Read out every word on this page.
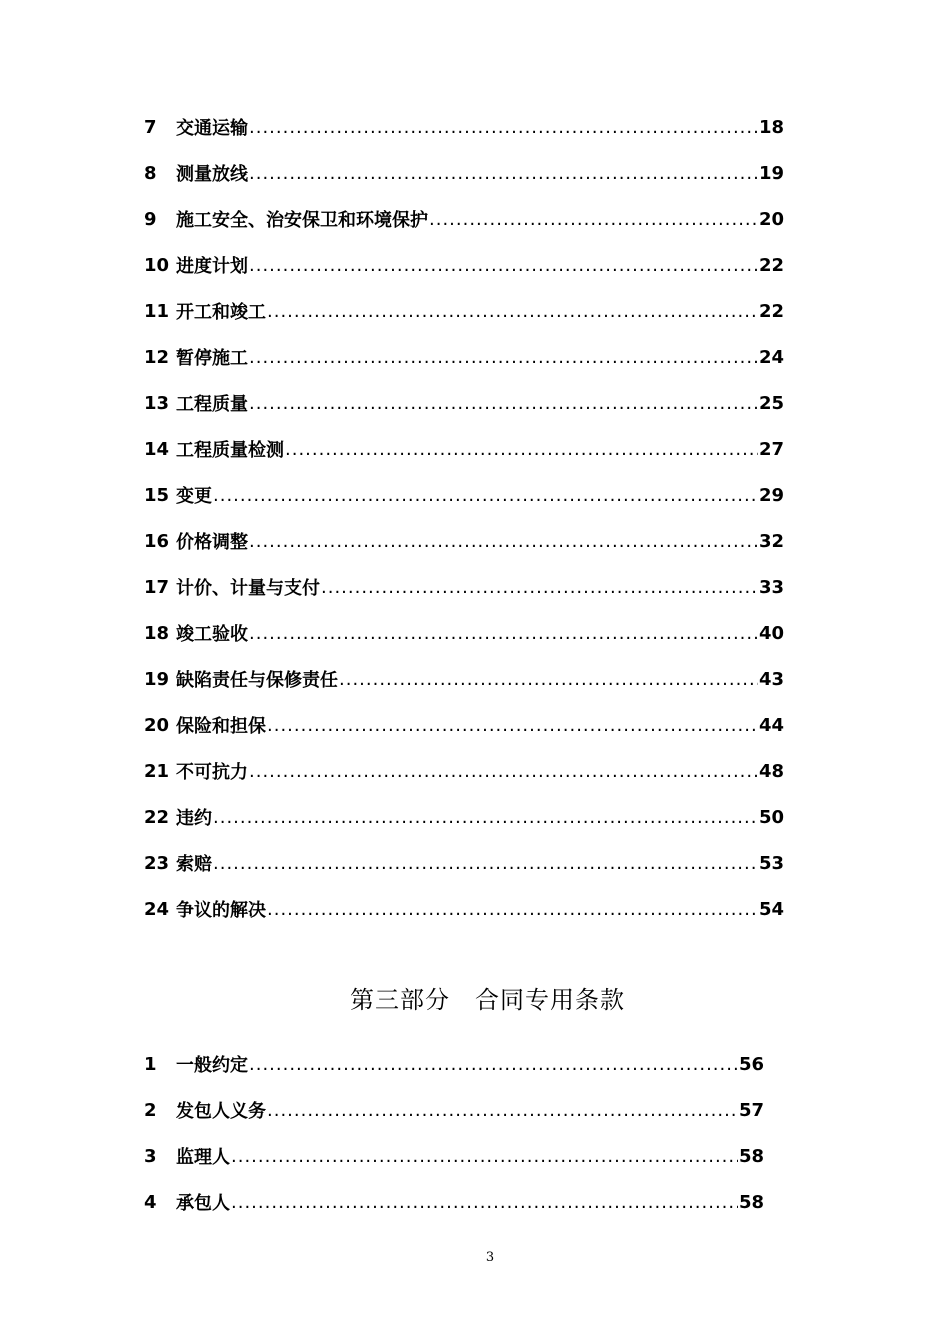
7	交通运输 .....	18
8	测量放线 .....	19
9	施工安全、治安保卫和环境保护 .....	20
10 进度计划 .....	22
11 开工和竣工 .....	22
12 暂停施工 .....	24
13 工程质量 .....	25
14 工程质量检测 .....	27
15 变更 .....	29
16 价格调整 .....	32
17 计价、计量与支付 .....	33
18 竣工验收 .....	40
19 缺陷责任与保修责任 .....	43
20 保险和担保 .....	44
21 不可抗力 .....	48
22 违约 .....	50
23 索赔 .....	53
24 争议的解决 .....	54
第三部分　合同专用条款
1	一般约定 .....	56
2	发包人义务 .....	57
3	监理人 .....	58
4	承包人 .....	58
3
